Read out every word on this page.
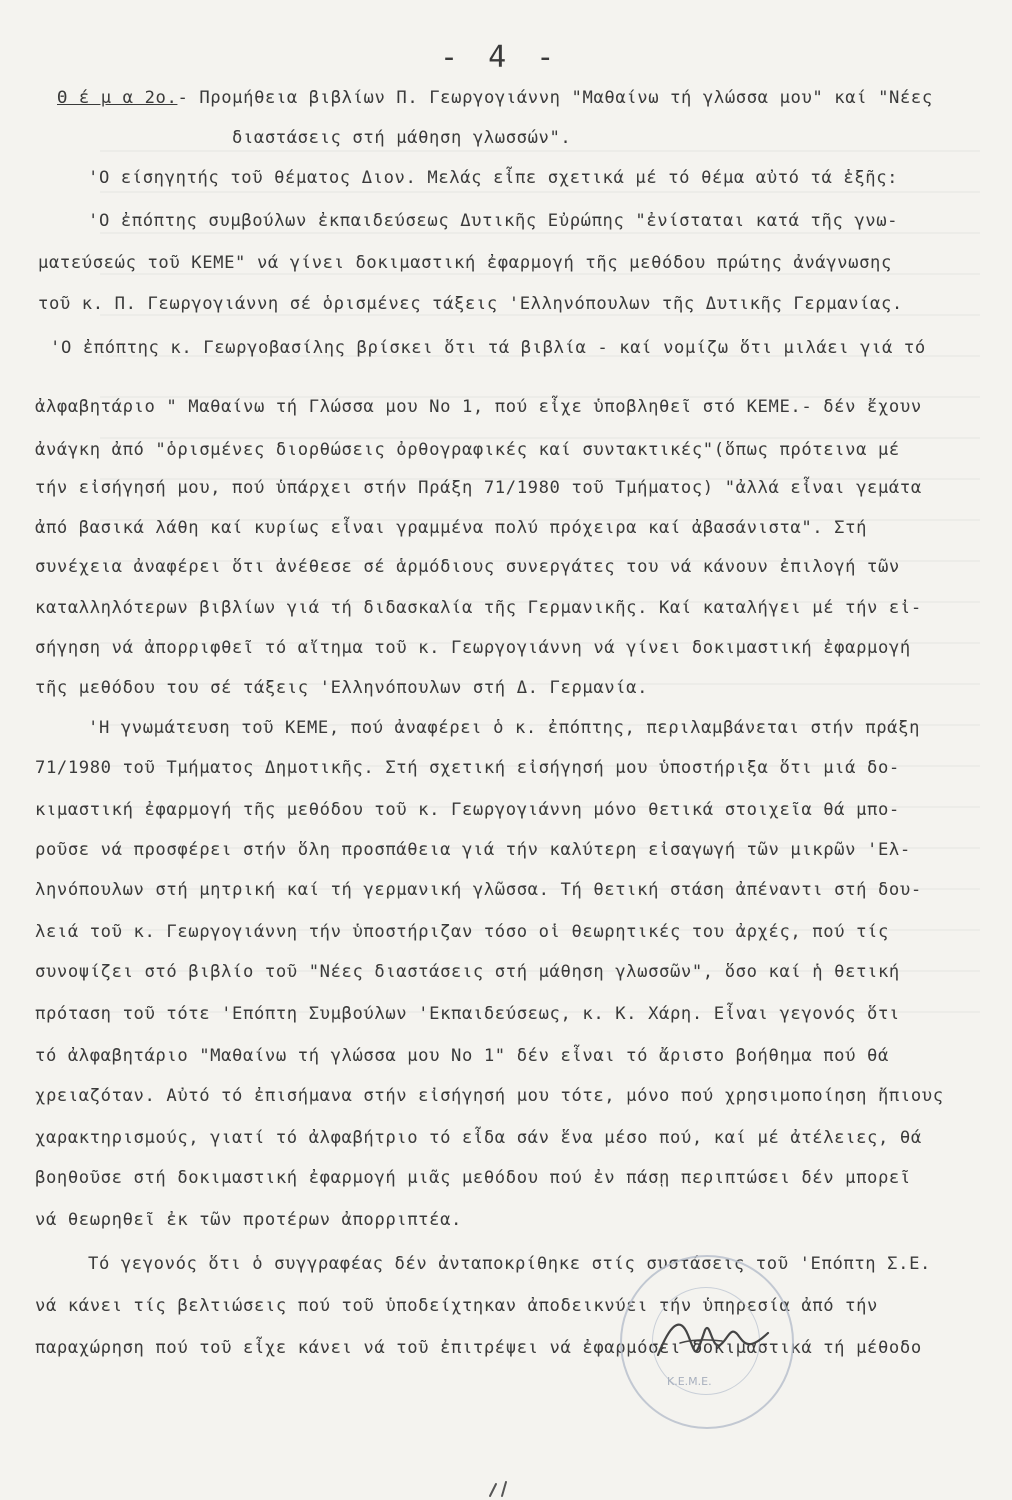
- 4 -
Θ έ μ α 2ο.- Προμήθεια βιβλίων Π. Γεωργογιάννη "Μαθαίνω τή γλώσσα μου" καί "Νέες
διαστάσεις στή μάθηση γλωσσών".
'Ο είσηγητής τοῦ θέματος Διον. Μελάς εἶπε σχετικά μέ τό θέμα αὐτό τά ἑξῆς:
'Ο ἐπόπτης συμβούλων ἐκπαιδεύσεως Δυτικῆς Εὐρώπης "ἐνίσταται κατά τῆς γνω-
ματεύσεώς τοῦ ΚΕΜΕ" νά γίνει δοκιμαστική ἐφαρμογή τῆς μεθόδου πρώτης ἀνάγνωσης
τοῦ κ. Π. Γεωργογιάννη σέ ὁρισμένες τάξεις 'Ελληνόπουλων τῆς Δυτικῆς Γερμανίας.
'Ο ἐπόπτης κ. Γεωργοβασίλης βρίσκει ὅτι τά βιβλία - καί νομίζω ὅτι μιλάει γιά τό
ἀλφαβητάριο " Μαθαίνω τή Γλώσσα μου Νο 1, πού εἶχε ὑποβληθεῖ στό ΚΕΜΕ.- δέν ἔχουν
ἀνάγκη ἀπό "ὁρισμένες διορθώσεις ὀρθογραφικές καί συντακτικές"(ὅπως πρότεινα μέ
τήν εἰσήγησή μου, πού ὑπάρχει στήν Πράξη 71/1980 τοῦ Τμήματος) "ἀλλά εἶναι γεμάτα
ἀπό βασικά λάθη καί κυρίως εἶναι γραμμένα πολύ πρόχειρα καί ἀβασάνιστα". Στή
συνέχεια ἀναφέρει ὅτι ἀνέθεσε σέ ἁρμόδιους συνεργάτες του νά κάνουν ἐπιλογή τῶν
καταλληλότερων βιβλίων γιά τή διδασκαλία τῆς Γερμανικῆς. Καί καταλήγει μέ τήν εἰ-
σήγηση νά ἀπορριφθεῖ τό αἴτημα τοῦ κ. Γεωργογιάννη νά γίνει δοκιμαστική ἐφαρμογή
τῆς μεθόδου του σέ τάξεις 'Ελληνόπουλων στή Δ. Γερμανία.
'Η γνωμάτευση τοῦ ΚΕΜΕ, πού ἀναφέρει ὁ κ. ἐπόπτης, περιλαμβάνεται στήν πράξη
71/1980 τοῦ Τμήματος Δημοτικῆς. Στή σχετική εἰσήγησή μου ὑποστήριξα ὅτι μιά δο-
κιμαστική ἐφαρμογή τῆς μεθόδου τοῦ κ. Γεωργογιάννη μόνο θετικά στοιχεῖα θά μπο-
ροῦσε νά προσφέρει στήν ὅλη προσπάθεια γιά τήν καλύτερη εἰσαγωγή τῶν μικρῶν 'Ελ-
ληνόπουλων στή μητρική καί τή γερμανική γλῶσσα. Τή θετική στάση ἀπέναντι στή δου-
λειά τοῦ κ. Γεωργογιάννη τήν ὑποστήριζαν τόσο οἱ θεωρητικές του ἀρχές, πού τίς
συνοψίζει στό βιβλίο τοῦ "Νέες διαστάσεις στή μάθηση γλωσσῶν", ὅσο καί ἡ θετική
πρόταση τοῦ τότε 'Επόπτη Συμβούλων 'Εκπαιδεύσεως, κ. Κ. Χάρη. Εἶναι γεγονός ὅτι
τό ἀλφαβητάριο "Μαθαίνω τή γλώσσα μου Νο 1" δέν εἶναι τό ἄριστο βοήθημα πού θά
χρειαζόταν. Αὐτό τό ἐπισήμανα στήν εἰσήγησή μου τότε, μόνο πού χρησιμοποίηση ἤπιους
χαρακτηρισμούς, γιατί τό ἀλφαβήτριο τό εἶδα σάν ἕνα μέσο πού, καί μέ ἀτέλειες, θά
βοηθοῦσε στή δοκιμαστική ἐφαρμογή μιᾶς μεθόδου πού ἐν πάσῃ περιπτώσει δέν μπορεῖ
νά θεωρηθεῖ ἐκ τῶν προτέρων ἀπορριπτέα.
Τό γεγονός ὅτι ὁ συγγραφέας δέν ἀνταποκρίθηκε στίς συστάσεις τοῦ 'Επόπτη Σ.Ε.
νά κάνει τίς βελτιώσεις πού τοῦ ὑποδείχτηκαν ἀποδεικνύει τήν ὑπηρεσία ἀπό τήν
παραχώρηση πού τοῦ εἶχε κάνει νά τοῦ ἐπιτρέψει νά ἐφαρμόσει δοκιμαστικά τή μέθοδο
Κ.Ε.Μ.Ε.
